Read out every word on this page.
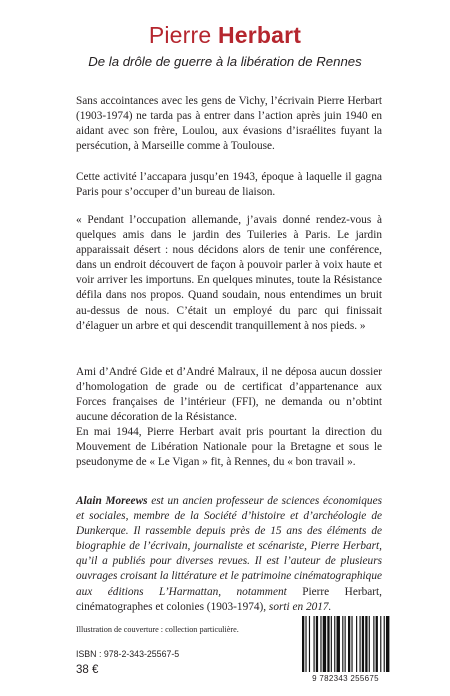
Pierre Herbart
De la drôle de guerre à la libération de Rennes
Sans accointances avec les gens de Vichy, l’écrivain Pierre Herbart (1903-1974) ne tarda pas à entrer dans l’action après juin 1940 en aidant avec son frère, Loulou, aux évasions d’israélites fuyant la persécution, à Marseille comme à Toulouse.
Cette activité l’accapara jusqu’en 1943, époque à laquelle il gagna Paris pour s’occuper d’un bureau de liaison.
« Pendant l’occupation allemande, j’avais donné rendez-vous à quelques amis dans le jardin des Tuileries à Paris. Le jardin apparaissait désert : nous décidons alors de tenir une conférence, dans un endroit découvert de façon à pouvoir parler à voix haute et voir arriver les importuns. En quelques minutes, toute la Résistance défila dans nos propos. Quand soudain, nous entendimes un bruit au-dessus de nous. C’était un employé du parc qui finissait d’élaguer un arbre et qui descendit tranquillement à nos pieds. »
Ami d’André Gide et d’André Malraux, il ne déposa aucun dossier d’homologation de grade ou de certificat d’appartenance aux Forces françaises de l’intérieur (FFI), ne demanda ou n’obtint aucune décoration de la Résistance.
En mai 1944, Pierre Herbart avait pris pourtant la direction du Mouvement de Libération Nationale pour la Bretagne et sous le pseudonyme de « Le Vigan » fit, à Rennes, du « bon travail ».
Alain Moreews est un ancien professeur de sciences économiques et sociales, membre de la Société d’histoire et d’archéologie de Dunkerque. Il rassemble depuis près de 15 ans des éléments de biographie de l’écrivain, journaliste et scénariste, Pierre Herbart, qu’il a publiés pour diverses revues. Il est l’auteur de plusieurs ouvrages croisant la littérature et le patrimoine cinématographique aux éditions L’Harmattan, notamment Pierre Herbart, cinématographes et colonies (1903-1974), sorti en 2017.
Illustration de couverture : collection particulière.
ISBN : 978-2-343-25567-5
38 €
9 782343 255675
